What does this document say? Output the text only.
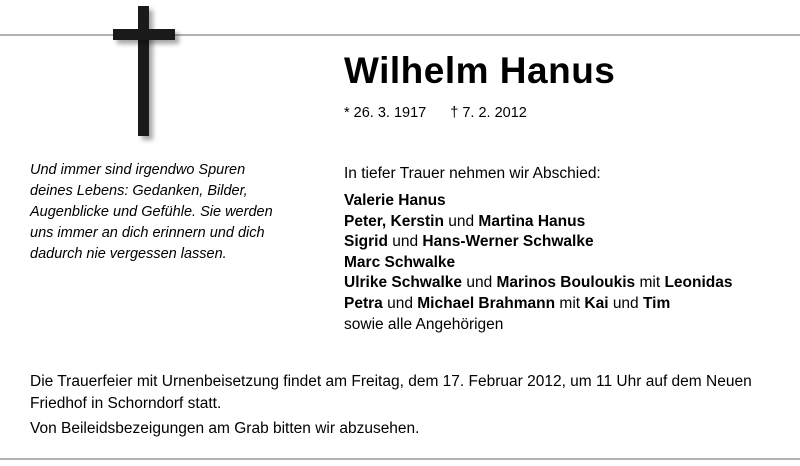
Wilhelm Hanus
* 26. 3. 1917 † 7. 2. 2012
Und immer sind irgendwo Spuren deines Lebens: Gedanken, Bilder, Augenblicke und Gefühle. Sie werden uns immer an dich erinnern und dich dadurch nie vergessen lassen.
In tiefer Trauer nehmen wir Abschied:
Valerie Hanus
Peter, Kerstin und Martina Hanus
Sigrid und Hans-Werner Schwalke
Marc Schwalke
Ulrike Schwalke und Marinos Bouloukis mit Leonidas
Petra und Michael Brahmann mit Kai und Tim
sowie alle Angehörigen

Die Trauerfeier mit Urnenbeisetzung findet am Freitag, dem 17. Februar 2012, um 11 Uhr auf dem Neuen

Friedhof in Schorndorf statt.

Von Beileidsbezeigungen am Grab bitten wir abzusehen.
